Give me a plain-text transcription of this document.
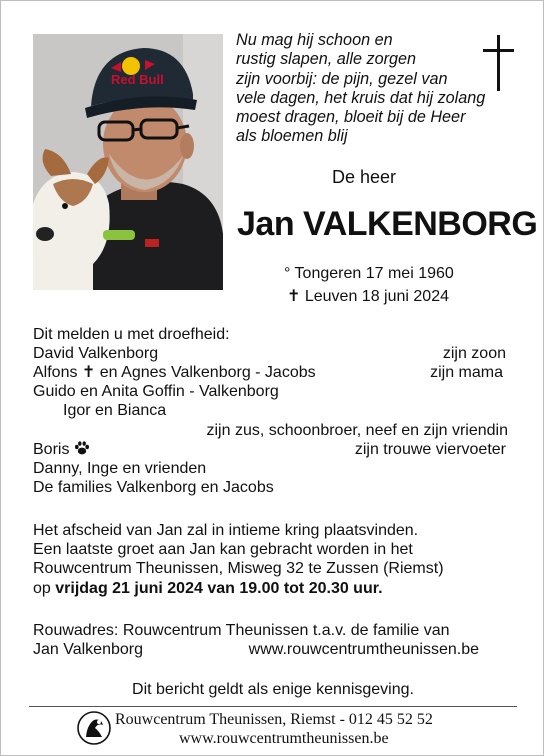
Red Bull
Nu mag hij schoon en
rustig slapen, alle zorgen
zijn voorbij: de pijn, gezel van
vele dagen, het kruis dat hij zolang
moest dragen, bloeit bij de Heer
als bloemen blij
De heer
Jan VALKENBORG
° Tongeren 17 mei 1960
✝ Leuven 18 juni 2024
Dit melden u met droefheid:
David Valkenborg	zijn zoon
Alfons ✝ en Agnes Valkenborg - Jacobs	zijn mama
Guido en Anita Goffin - Valkenborg
Igor en Bianca
zijn zus, schoonbroer, neef en zijn vriendin
Boris	zijn trouwe viervoeter
Danny, Inge en vrienden
De families Valkenborg en Jacobs
Het afscheid van Jan zal in intieme kring plaatsvinden.
Een laatste groet aan Jan kan gebracht worden in het
Rouwcentrum Theunissen, Misweg 32 te Zussen (Riemst)
op vrijdag 21 juni 2024 van 19.00 tot 20.30 uur.
Rouwadres: Rouwcentrum Theunissen t.a.v. de familie van
Jan Valkenborg	www.rouwcentrumtheunissen.be
Dit bericht geldt als enige kennisgeving.
Rouwcentrum Theunissen, Riemst - 012 45 52 52
www.rouwcentrumtheunissen.be
